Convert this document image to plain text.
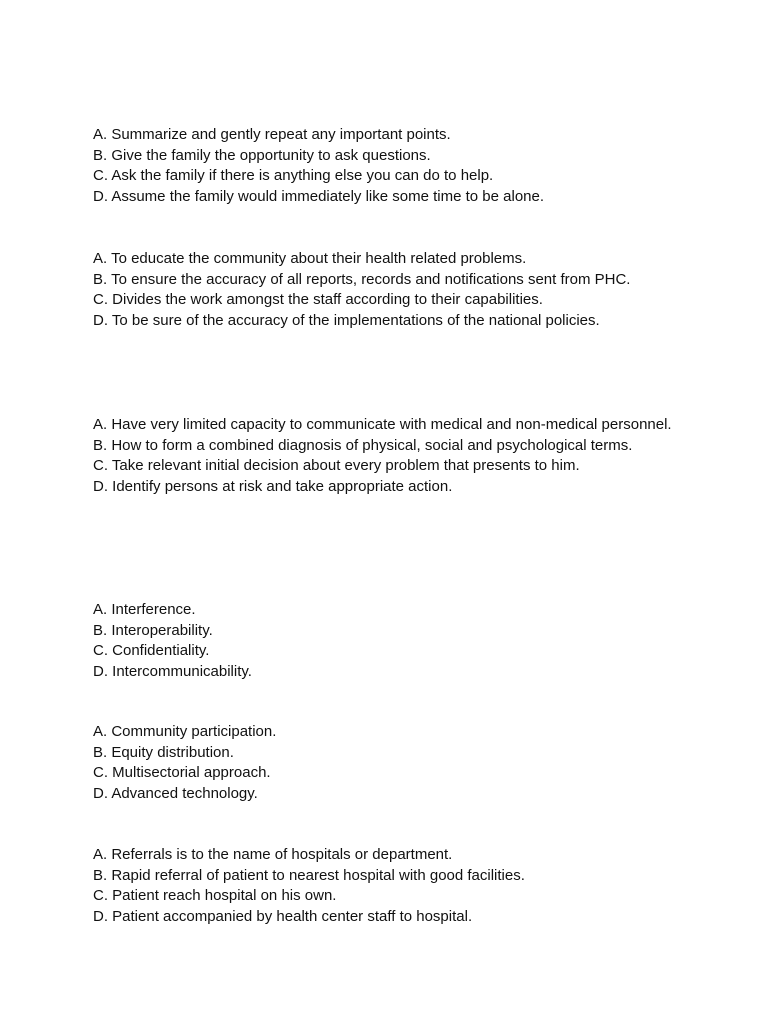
A. Summarize and gently repeat any important points.

B. Give the family the opportunity to ask questions.

C. Ask the family if there is anything else you can do to help.

D. Assume the family would immediately like some time to be alone.

A. To educate the community about their health related problems.

B. To ensure the accuracy of all reports, records and notifications sent from PHC.

C. Divides the work amongst the staff according to their capabilities.

D. To be sure of the accuracy of the implementations of the national policies.

A. Have very limited capacity to communicate with medical and non-medical personnel.

B. How to form a combined diagnosis of physical, social and psychological terms.

C. Take relevant initial decision about every problem that presents to him.

D. Identify persons at risk and take appropriate action.

A. Interference.

B. Interoperability.

C. Confidentiality.

D. Intercommunicability.

A. Community participation.

B. Equity distribution.

C. Multisectorial approach.

D. Advanced technology.

A. Referrals is to the name of hospitals or department.

B. Rapid referral of patient to nearest hospital with good facilities.

C. Patient reach hospital on his own.

D. Patient accompanied by health center staff to hospital.
